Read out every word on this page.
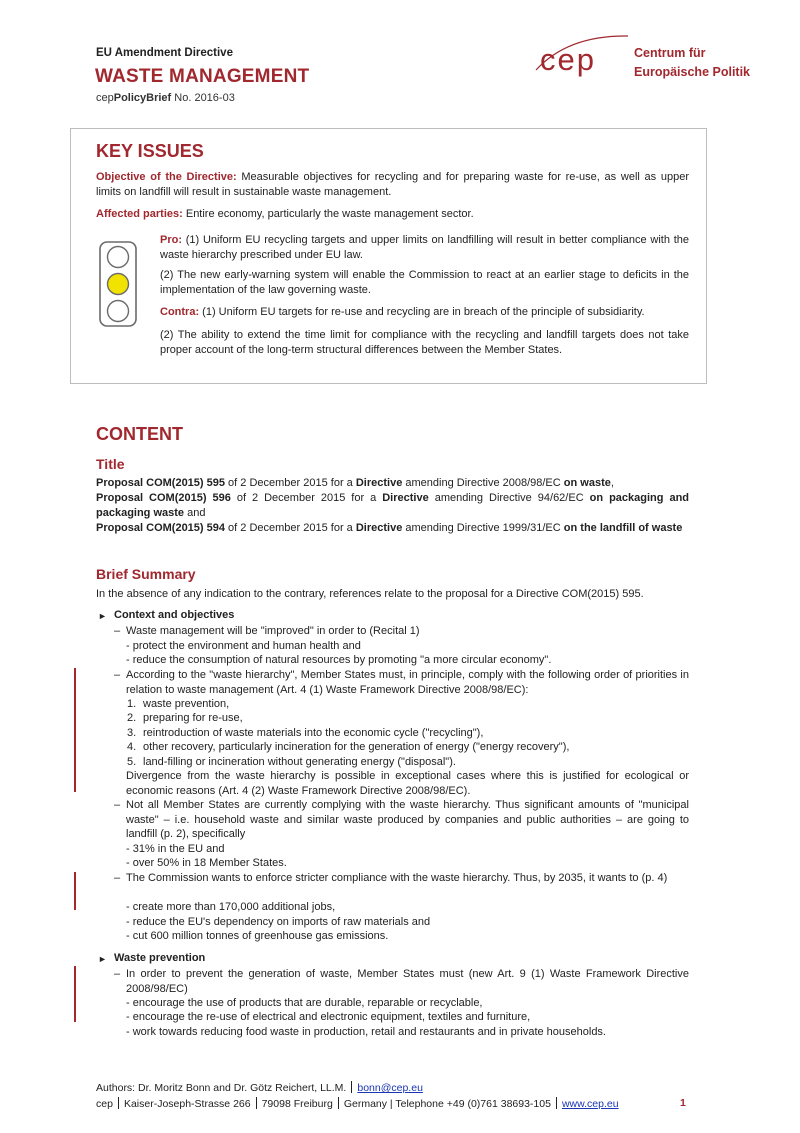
EU Amendment Directive
WASTE MANAGEMENT
cepPolicyBrief No. 2016-03
cep	Centrum für
Europäische Politik
KEY ISSUES
Objective of the Directive: Measurable objectives for recycling and for preparing waste for re-use, as well as upper limits on landfill will result in sustainable waste management.
Affected parties: Entire economy, particularly the waste management sector.
Pro: (1) Uniform EU recycling targets and upper limits on landfilling will result in better compliance with the waste hierarchy prescribed under EU law.
(2) The new early-warning system will enable the Commission to react at an earlier stage to deficits in the implementation of the law governing waste.
Contra: (1) Uniform EU targets for re-use and recycling are in breach of the principle of subsidiarity.
(2) The ability to extend the time limit for compliance with the recycling and landfill targets does not take proper account of the long-term structural differences between the Member States.
CONTENT
Title
Proposal COM(2015) 595 of 2 December 2015 for a Directive amending Directive 2008/98/EC on waste,
Proposal COM(2015) 596 of 2 December 2015 for a Directive amending Directive 94/62/EC on packaging and packaging waste and
Proposal COM(2015) 594 of 2 December 2015 for a Directive amending Directive 1999/31/EC on the landfill of waste
Brief Summary
In the absence of any indication to the contrary, references relate to the proposal for a Directive COM(2015) 595.
► Context and objectives
– Waste management will be "improved" in order to (Recital 1)
- protect the environment and human health and
- reduce the consumption of natural resources by promoting "a more circular economy".
– According to the "waste hierarchy", Member States must, in principle, comply with the following order of priorities in relation to waste management (Art. 4 (1) Waste Framework Directive 2008/98/EC):
1. waste prevention,
2. preparing for re-use,
3. reintroduction of waste materials into the economic cycle ("recycling"),
4. other recovery, particularly incineration for the generation of energy ("energy recovery"),
5. land-filling or incineration without generating energy ("disposal").
Divergence from the waste hierarchy is possible in exceptional cases where this is justified for ecological or economic reasons (Art. 4 (2) Waste Framework Directive 2008/98/EC).
– Not all Member States are currently complying with the waste hierarchy. Thus significant amounts of "municipal waste" – i.e. household waste and similar waste produced by companies and public authorities – are going to landfill (p. 2), specifically
- 31% in the EU and
- over 50% in 18 Member States.
– The Commission wants to enforce stricter compliance with the waste hierarchy. Thus, by 2035, it wants to (p. 4)
- create more than 170,000 additional jobs,
- reduce the EU's dependency on imports of raw materials and
- cut 600 million tonnes of greenhouse gas emissions.
► Waste prevention
– In order to prevent the generation of waste, Member States must (new Art. 9 (1) Waste Framework Directive 2008/98/EC)
- encourage the use of products that are durable, reparable or recyclable,
- encourage the re-use of electrical and electronic equipment, textiles and furniture,
- work towards reducing food waste in production, retail and restaurants and in private households.
Authors: Dr. Moritz Bonn and Dr. Götz Reichert, LL.M. bonn@cep.eu
cep Kaiser-Joseph-Strasse 266 79098 Freiburg Germany | Telephone +49 (0)761 38693-105 www.cep.eu	1
